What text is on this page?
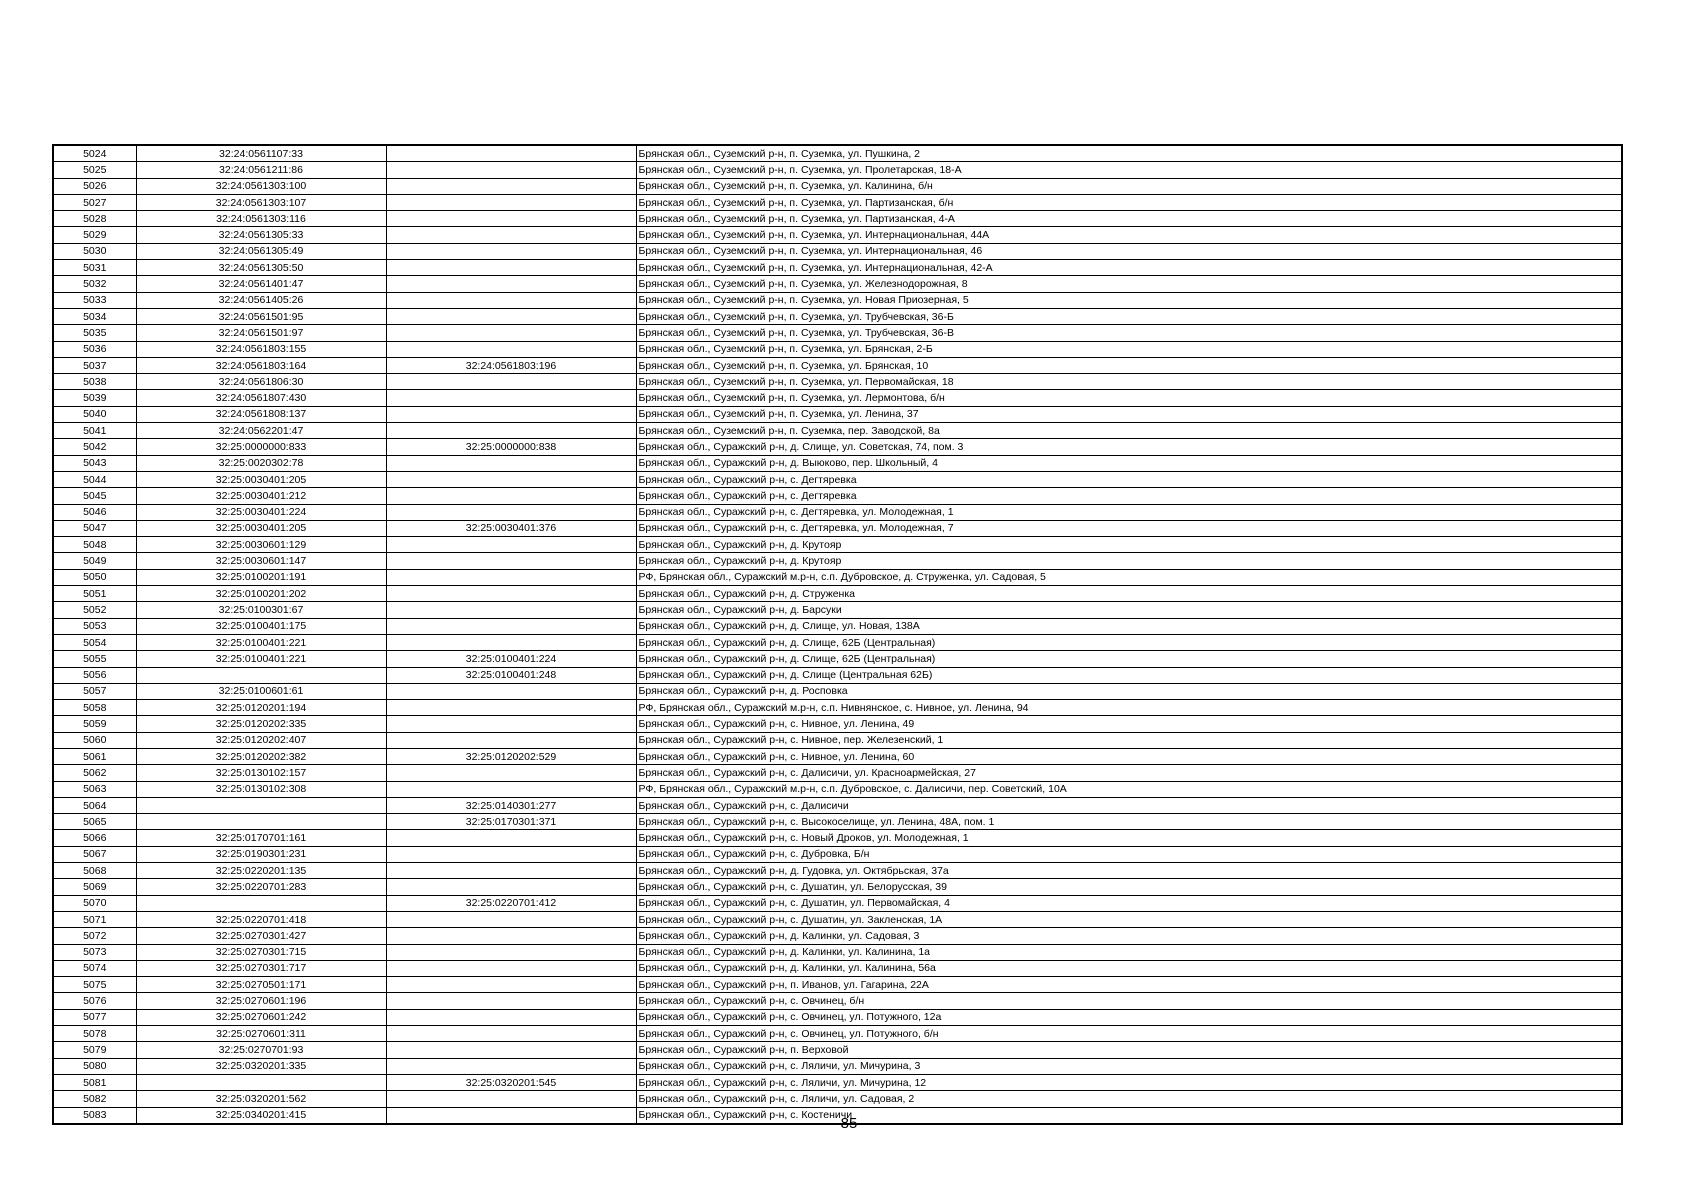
5024	32:24:0561107:33		Брянская обл., Суземский р-н, п. Суземка, ул. Пушкина, 2
5025	32:24:0561211:86		Брянская обл., Суземский р-н, п. Суземка, ул. Пролетарская, 18-А
5026	32:24:0561303:100		Брянская обл., Суземский р-н, п. Суземка, ул. Калинина, б/н
5027	32:24:0561303:107		Брянская обл., Суземский р-н, п. Суземка, ул. Партизанская, б/н
5028	32:24:0561303:116		Брянская обл., Суземский р-н, п. Суземка, ул. Партизанская, 4-А
5029	32:24:0561305:33		Брянская обл., Суземский р-н, п. Суземка, ул. Интернациональная, 44А
5030	32:24:0561305:49		Брянская обл., Суземский р-н, п. Суземка, ул. Интернациональная, 46
5031	32:24:0561305:50		Брянская обл., Суземский р-н, п. Суземка, ул. Интернациональная, 42-А
5032	32:24:0561401:47		Брянская обл., Суземский р-н, п. Суземка, ул. Железнодорожная, 8
5033	32:24:0561405:26		Брянская обл., Суземский р-н, п. Суземка, ул. Новая Приозерная, 5
5034	32:24:0561501:95		Брянская обл., Суземский р-н, п. Суземка, ул. Трубчевская, 36-Б
5035	32:24:0561501:97		Брянская обл., Суземский р-н, п. Суземка, ул. Трубчевская, 36-В
5036	32:24:0561803:155		Брянская обл., Суземский р-н, п. Суземка, ул. Брянская, 2-Б
5037	32:24:0561803:164	32:24:0561803:196	Брянская обл., Суземский р-н, п. Суземка, ул. Брянская, 10
5038	32:24:0561806:30		Брянская обл., Суземский р-н, п. Суземка, ул. Первомайская, 18
5039	32:24:0561807:430		Брянская обл., Суземский р-н, п. Суземка, ул. Лермонтова, б/н
5040	32:24:0561808:137		Брянская обл., Суземский р-н, п. Суземка, ул. Ленина, 37
5041	32:24:0562201:47		Брянская обл., Суземский р-н, п. Суземка, пер. Заводской, 8а
5042	32:25:0000000:833	32:25:0000000:838	Брянская обл., Суражский р-н, д. Слище, ул. Советская, 74, пом. 3
5043	32:25:0020302:78		Брянская обл., Суражский р-н, д. Выюково, пер. Школьный, 4
5044	32:25:0030401:205		Брянская обл., Суражский р-н, с. Дегтяревка
5045	32:25:0030401:212		Брянская обл., Суражский р-н, с. Дегтяревка
5046	32:25:0030401:224		Брянская обл., Суражский р-н, с. Дегтяревка, ул. Молодежная, 1
5047	32:25:0030401:205	32:25:0030401:376	Брянская обл., Суражский р-н, с. Дегтяревка, ул. Молодежная, 7
5048	32:25:0030601:129		Брянская обл., Суражский р-н, д. Крутояр
5049	32:25:0030601:147		Брянская обл., Суражский р-н, д. Крутояр
5050	32:25:0100201:191		РФ, Брянская обл., Суражский м.р-н, с.п. Дубровское, д. Струженка, ул. Садовая, 5
5051	32:25:0100201:202		Брянская обл., Суражский р-н, д. Струженка
5052	32:25:0100301:67		Брянская обл., Суражский р-н, д. Барсуки
5053	32:25:0100401:175		Брянская обл., Суражский р-н, д. Слище, ул. Новая, 138А
5054	32:25:0100401:221		Брянская обл., Суражский р-н, д. Слище, 62Б (Центральная)
5055	32:25:0100401:221	32:25:0100401:224	Брянская обл., Суражский р-н, д. Слище, 62Б (Центральная)
5056		32:25:0100401:248	Брянская обл., Суражский р-н, д. Слище (Центральная 62Б)
5057	32:25:0100601:61		Брянская обл., Суражский р-н, д. Росповка
5058	32:25:0120201:194		РФ, Брянская обл., Суражский м.р-н, с.п. Нивнянское, с. Нивное, ул. Ленина, 94
5059	32:25:0120202:335		Брянская обл., Суражский р-н, с. Нивное, ул. Ленина, 49
5060	32:25:0120202:407		Брянская обл., Суражский р-н, с. Нивное, пер. Железенский, 1
5061	32:25:0120202:382	32:25:0120202:529	Брянская обл., Суражский р-н, с. Нивное, ул. Ленина, 60
5062	32:25:0130102:157		Брянская обл., Суражский р-н, с. Далисичи, ул. Красноармейская, 27
5063	32:25:0130102:308		РФ, Брянская обл., Суражский м.р-н, с.п. Дубровское, с. Далисичи, пер. Советский, 10А
5064		32:25:0140301:277	Брянская обл., Суражский р-н, с. Далисичи
5065		32:25:0170301:371	Брянская обл., Суражский р-н, с. Высокоселище, ул. Ленина, 48А, пом. 1
5066	32:25:0170701:161		Брянская обл., Суражский р-н, с. Новый Дроков, ул. Молодежная, 1
5067	32:25:0190301:231		Брянская обл., Суражский р-н, с. Дубровка, Б/н
5068	32:25:0220201:135		Брянская обл., Суражский р-н, д. Гудовка, ул. Октябрьская, 37а
5069	32:25:0220701:283		Брянская обл., Суражский р-н, с. Душатин, ул. Белорусская, 39
5070		32:25:0220701:412	Брянская обл., Суражский р-н, с. Душатин, ул. Первомайская, 4
5071	32:25:0220701:418		Брянская обл., Суражский р-н, с. Душатин, ул. Закленская, 1А
5072	32:25:0270301:427		Брянская обл., Суражский р-н, д. Калинки, ул. Садовая, 3
5073	32:25:0270301:715		Брянская обл., Суражский р-н, д. Калинки, ул. Калинина, 1а
5074	32:25:0270301:717		Брянская обл., Суражский р-н, д. Калинки, ул. Калинина, 56а
5075	32:25:0270501:171		Брянская обл., Суражский р-н, п. Иванов, ул. Гагарина, 22А
5076	32:25:0270601:196		Брянская обл., Суражский р-н, с. Овчинец, б/н
5077	32:25:0270601:242		Брянская обл., Суражский р-н, с. Овчинец, ул. Потужного, 12а
5078	32:25:0270601:311		Брянская обл., Суражский р-н, с. Овчинец, ул. Потужного, б/н
5079	32:25:0270701:93		Брянская обл., Суражский р-н, п. Верховой
5080	32:25:0320201:335		Брянская обл., Суражский р-н, с. Ляличи, ул. Мичурина, 3
5081		32:25:0320201:545	Брянская обл., Суражский р-н, с. Ляличи, ул. Мичурина, 12
5082	32:25:0320201:562		Брянская обл., Суражский р-н, с. Ляличи, ул. Садовая, 2
5083	32:25:0340201:415		Брянская обл., Суражский р-н, с. Костеничи
85
